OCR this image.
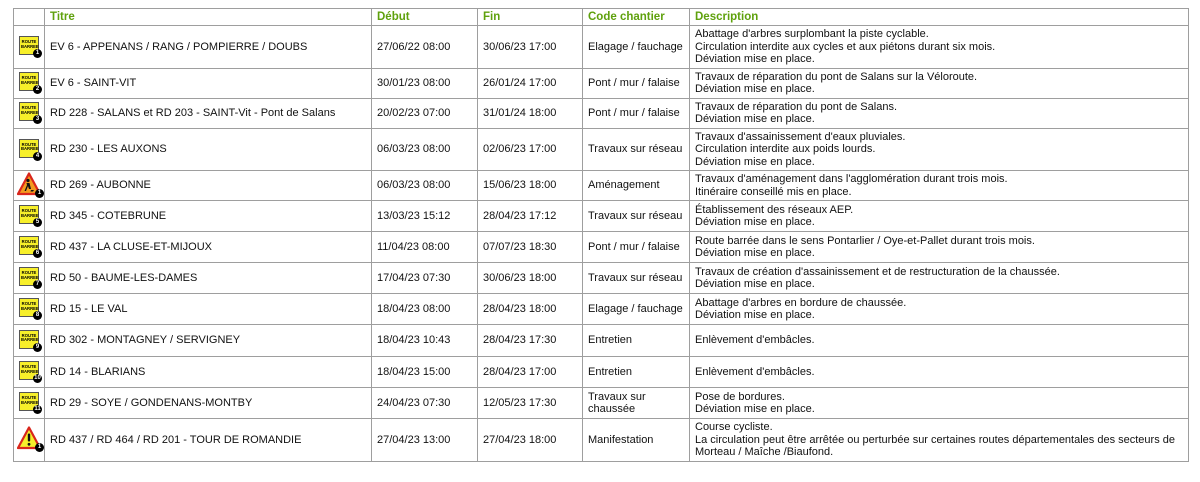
	Titre	Début	Fin	Code chantier	Description

ROUTE BARREE
1	EV 6 - APPENANS / RANG / POMPIERRE / DOUBS	27/06/22 08:00	30/06/23 17:00	Elagage / fauchage	Abattage d'arbres surplombant la piste cyclable.
Circulation interdite aux cycles et aux piétons durant six mois.
Déviation mise en place.

ROUTE BARREE
2	EV 6 - SAINT-VIT	30/01/23 08:00	26/01/24 17:00	Pont / mur / falaise	Travaux de réparation du pont de Salans sur la Véloroute.
Déviation mise en place.

ROUTE BARREE
3	RD 228 - SALANS et RD 203 - SAINT-Vit - Pont de Salans	20/02/23 07:00	31/01/24 18:00	Pont / mur / falaise	Travaux de réparation du pont de Salans.
Déviation mise en place.

ROUTE BARREE
4	RD 230 - LES AUXONS	06/03/23 08:00	02/06/23 17:00	Travaux sur réseau	Travaux d'assainissement d'eaux pluviales.
Circulation interdite aux poids lourds.
Déviation mise en place.

1	RD 269 - AUBONNE	06/03/23 08:00	15/06/23 18:00	Aménagement	Travaux d'aménagement dans l'agglomération durant trois mois.
Itinéraire conseillé mis en place.

ROUTE BARREE
5	RD 345 - COTEBRUNE	13/03/23 15:12	28/04/23 17:12	Travaux sur réseau	Établissement des réseaux AEP.
Déviation mise en place.

ROUTE BARREE
6	RD 437 - LA CLUSE-ET-MIJOUX	11/04/23 08:00	07/07/23 18:30	Pont / mur / falaise	Route barrée dans le sens Pontarlier / Oye-et-Pallet durant trois mois.
Déviation mise en place.

ROUTE BARREE
7	RD 50 - BAUME-LES-DAMES	17/04/23 07:30	30/06/23 18:00	Travaux sur réseau	Travaux de création d'assainissement et de restructuration de la chaussée.
Déviation mise en place.

ROUTE BARREE
8	RD 15 - LE VAL	18/04/23 08:00	28/04/23 18:00	Elagage / fauchage	Abattage d'arbres en bordure de chaussée.
Déviation mise en place.

ROUTE BARREE
9	RD 302 - MONTAGNEY / SERVIGNEY	18/04/23 10:43	28/04/23 17:30	Entretien	Enlèvement d'embâcles.

ROUTE BARREE
10	RD 14 - BLARIANS	18/04/23 15:00	28/04/23 17:00	Entretien	Enlèvement d'embâcles.

ROUTE BARREE
11	RD 29 - SOYE / GONDENANS-MONTBY	24/04/23 07:30	12/05/23 17:30	Travaux sur chaussée	Pose de bordures.
Déviation mise en place.

1	RD 437 / RD 464 / RD 201 - TOUR DE ROMANDIE	27/04/23 13:00	27/04/23 18:00	Manifestation	Course cycliste.
La circulation peut être arrêtée ou perturbée sur certaines routes départementales des secteurs de Morteau / Maîche /Biaufond.
